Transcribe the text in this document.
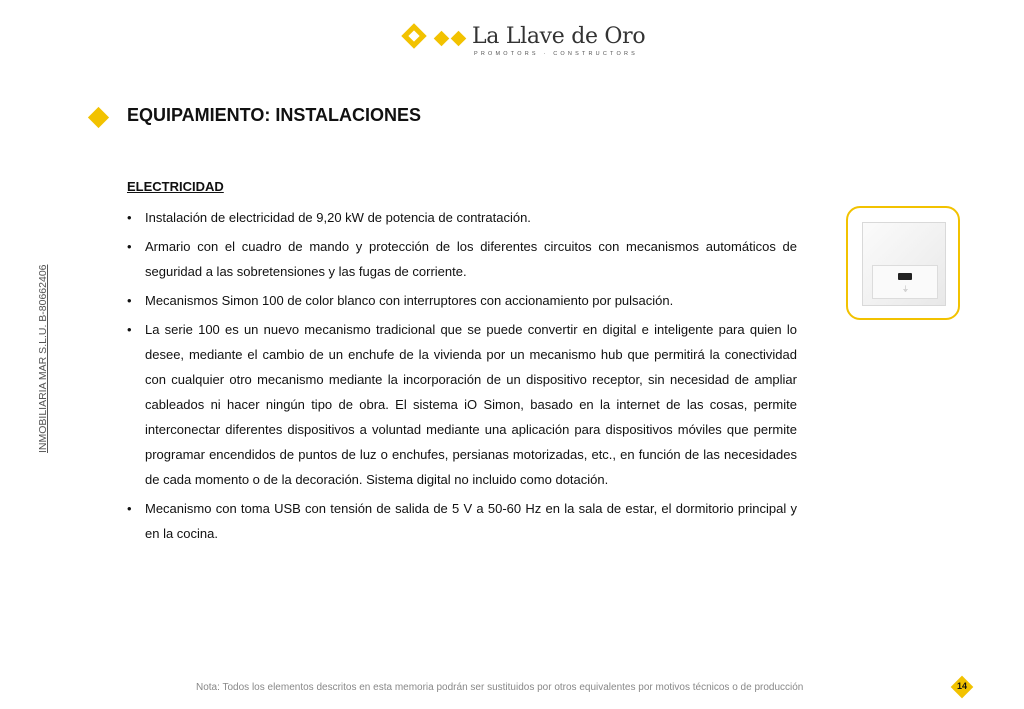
La Llave de Oro
PROMOTORS · CONSTRUCTORS
INMOBILIARIA MAR S.L.U. B-80662406
EQUIPAMIENTO: INSTALACIONES
ELECTRICIDAD
• Instalación de electricidad de 9,20 kW de potencia de contratación.
• Armario con el cuadro de mando y protección de los diferentes circuitos con mecanismos automáticos de seguridad a las sobretensiones y las fugas de corriente.
• Mecanismos Simon 100 de color blanco con interruptores con accionamiento por pulsación.
• La serie 100 es un nuevo mecanismo tradicional que se puede convertir en digital e inteligente para quien lo desee, mediante el cambio de un enchufe de la vivienda por un mecanismo hub que permitirá la conectividad con cualquier otro mecanismo mediante la incorporación de un dispositivo receptor, sin necesidad de ampliar cableados ni hacer ningún tipo de obra. El sistema iO Simon, basado en la internet de las cosas, permite interconectar diferentes dispositivos a voluntad mediante una aplicación para dispositivos móviles que permite programar encendidos de puntos de luz o enchufes, persianas motorizadas, etc., en función de las necesidades de cada momento o de la decoración. Sistema digital no incluido como dotación.
• Mecanismo con toma USB con tensión de salida de 5 V a 50-60 Hz en la sala de estar, el dormitorio principal y en la cocina.
⏚
Nota: Todos los elementos descritos en esta memoria podrán ser sustituidos por otros equivalentes por motivos técnicos o de producción	14
